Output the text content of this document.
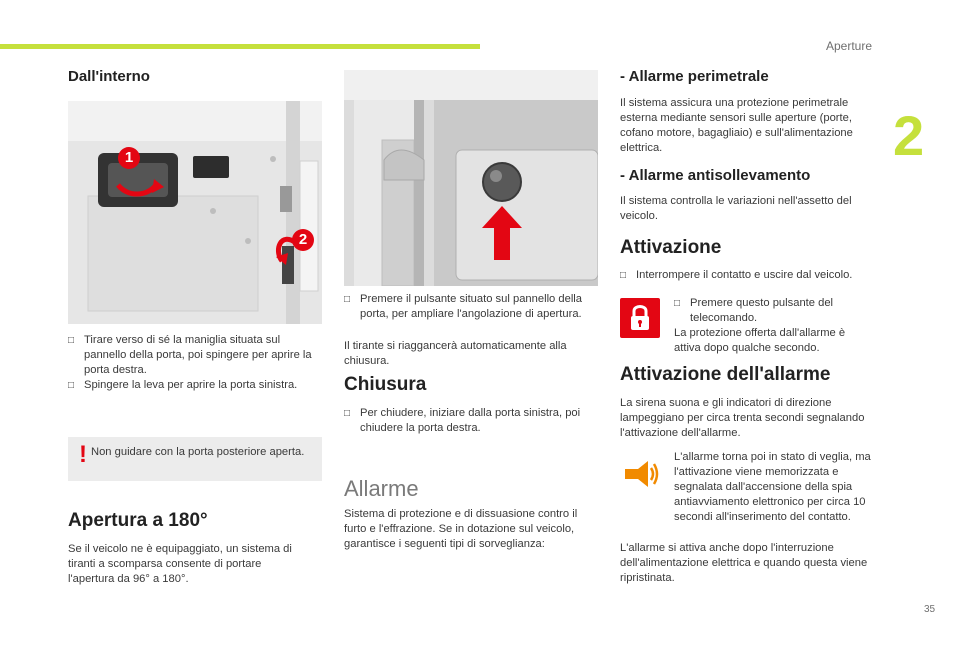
Aperture
2
35
Dall'interno
1
2
□ Tirare verso di sé la maniglia situata sul pannello della porta, poi spingere per aprire la porta destra.
□ Spingere la leva per aprire la porta sinistra.
! Non guidare con la porta posteriore aperta.
Apertura a 180°
Se il veicolo ne è equipaggiato, un sistema di tiranti a scomparsa consente di portare l'apertura da 96° a 180°.
□ Premere il pulsante situato sul pannello della porta, per ampliare l'angolazione di apertura.
Il tirante si riaggancerà automaticamente alla chiusura.
Chiusura
□ Per chiudere, iniziare dalla porta sinistra, poi chiudere la porta destra.
Allarme
Sistema di protezione e di dissuasione contro il furto e l'effrazione. Se in dotazione sul veicolo, garantisce i seguenti tipi di sorveglianza:
- Allarme perimetrale
Il sistema assicura una protezione perimetrale esterna mediante sensori sulle aperture (porte, cofano motore, bagagliaio) e sull'alimentazione elettrica.
- Allarme antisollevamento
Il sistema controlla le variazioni nell'assetto del veicolo.
Attivazione
□ Interrompere il contatto e uscire dal veicolo.
□ Premere questo pulsante del telecomando.
La protezione offerta dall'allarme è attiva dopo qualche secondo.
Attivazione dell'allarme
La sirena suona e gli indicatori di direzione lampeggiano per circa trenta secondi segnalando l'attivazione dell'allarme.
L'allarme torna poi in stato di veglia, ma l'attivazione viene memorizzata e segnalata dall'accensione della spia antiavviamento elettronico per circa 10 secondi all'inserimento del contatto.
L'allarme si attiva anche dopo l'interruzione dell'alimentazione elettrica e quando questa viene ripristinata.
